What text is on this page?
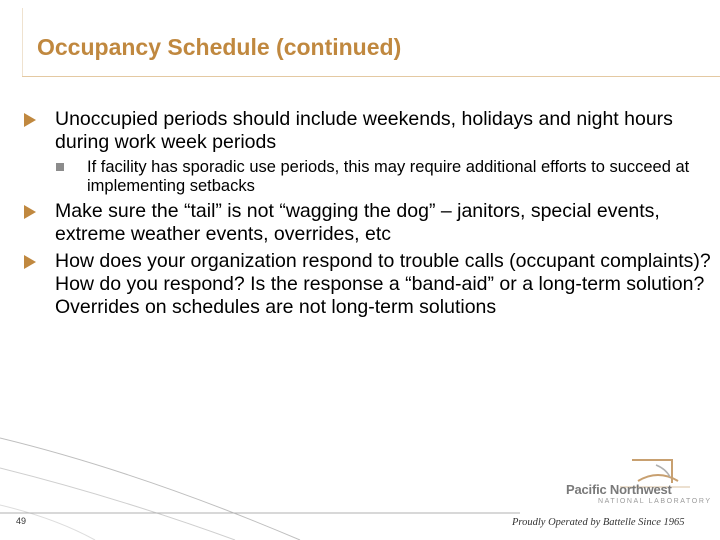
Occupancy Schedule (continued)
Unoccupied periods should include weekends, holidays and night hours during work week periods
If facility has sporadic use periods, this may require additional efforts to succeed at implementing setbacks
Make sure the “tail” is not “wagging the dog” – janitors, special events, extreme weather events, overrides, etc
How does your organization respond to trouble calls (occupant complaints)? How do you respond? Is the response a “band-aid” or a long-term solution? Overrides on schedules are not long-term solutions
Pacific Northwest
NATIONAL LABORATORY
Proudly Operated by Battelle Since 1965
49
